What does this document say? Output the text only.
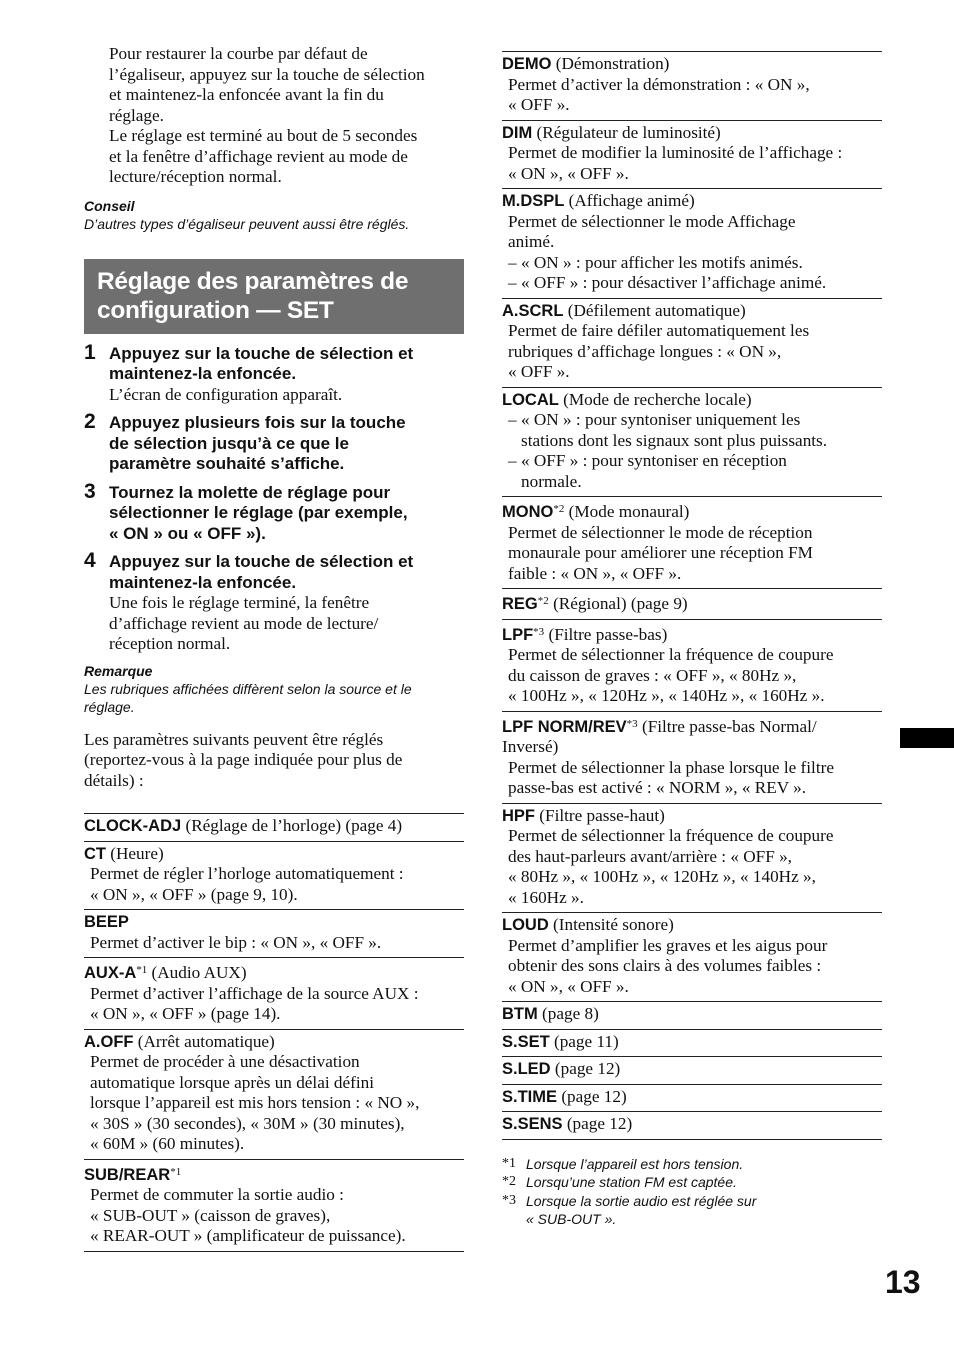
Pour restaurer la courbe par défaut de
l’égaliseur, appuyez sur la touche de sélection
et maintenez-la enfoncée avant la fin du
réglage.
Le réglage est terminé au bout de 5 secondes
et la fenêtre d’affichage revient au mode de
lecture/réception normal.
Conseil
D’autres types d’égaliseur peuvent aussi être réglés.
Réglage des paramètres de
configuration — SET
1 Appuyez sur la touche de sélection et
maintenez-la enfoncée.
L’écran de configuration apparaît.
2 Appuyez plusieurs fois sur la touche
de sélection jusqu’à ce que le
paramètre souhaité s’affiche.
3 Tournez la molette de réglage pour
sélectionner le réglage (par exemple,
« ON » ou « OFF »).
4 Appuyez sur la touche de sélection et
maintenez-la enfoncée.
Une fois le réglage terminé, la fenêtre
d’affichage revient au mode de lecture/
réception normal.
Remarque
Les rubriques affichées diffèrent selon la source et le
réglage.
Les paramètres suivants peuvent être réglés
(reportez-vous à la page indiquée pour plus de
détails) :
CLOCK-ADJ (Réglage de l’horloge) (page 4)
CT (Heure)
Permet de régler l’horloge automatiquement :
« ON », « OFF » (page 9, 10).
BEEP
Permet d’activer le bip : « ON », « OFF ».
AUX-$A^{*1}$ (Audio AUX)
Permet d’activer l’affichage de la source AUX :
« ON », « OFF » (page 14).
A.OFF (Arrêt automatique)
Permet de procéder à une désactivation
automatique lorsque après un délai défini
lorsque l’appareil est mis hors tension : « NO »,
« 30S » (30 secondes), « 30M » (30 minutes),
« 60M » (60 minutes).
SUB/REAR$^{*1}$
Permet de commuter la sortie audio :
« SUB-OUT » (caisson de graves),
« REAR-OUT » (amplificateur de puissance).
DEMO (Démonstration)
Permet d’activer la démonstration : « ON »,
« OFF ».
DIM (Régulateur de luminosité)
Permet de modifier la luminosité de l’affichage :
« ON », « OFF ».
M.DSPL (Affichage animé)
Permet de sélectionner le mode Affichage
animé.
– « ON » : pour afficher les motifs animés.
– « OFF » : pour désactiver l’affichage animé.
A.SCRL (Défilement automatique)
Permet de faire défiler automatiquement les
rubriques d’affichage longues : « ON »,
« OFF ».
LOCAL (Mode de recherche locale)
– « ON » : pour syntoniser uniquement les
stations dont les signaux sont plus puissants.
– « OFF » : pour syntoniser en réception
normale.
MONO$^{*2}$ (Mode monaural)
Permet de sélectionner le mode de réception
monaurale pour améliorer une réception FM
faible : « ON », « OFF ».
REG$^{*2}$ (Régional) (page 9)
LPF$^{*3}$ (Filtre passe-bas)
Permet de sélectionner la fréquence de coupure
du caisson de graves : « OFF », « 80Hz »,
« 100Hz », « 120Hz », « 140Hz », « 160Hz ».
LPF NORM/REV$^{*3}$ (Filtre passe-bas Normal/
Inversé)
Permet de sélectionner la phase lorsque le filtre
passe-bas est activé : « NORM », « REV ».
HPF (Filtre passe-haut)
Permet de sélectionner la fréquence de coupure
des haut-parleurs avant/arrière : « OFF »,
« 80Hz », « 100Hz », « 120Hz », « 140Hz »,
« 160Hz ».
LOUD (Intensité sonore)
Permet d’amplifier les graves et les aigus pour
obtenir des sons clairs à des volumes faibles :
« ON », « OFF ».
BTM (page 8)
S.SET (page 11)
S.LED (page 12)
S.TIME (page 12)
S.SENS (page 12)
*1 Lorsque l’appareil est hors tension.
*2 Lorsqu’une station FM est captée.
*3 Lorsque la sortie audio est réglée sur
« SUB-OUT ».
13
